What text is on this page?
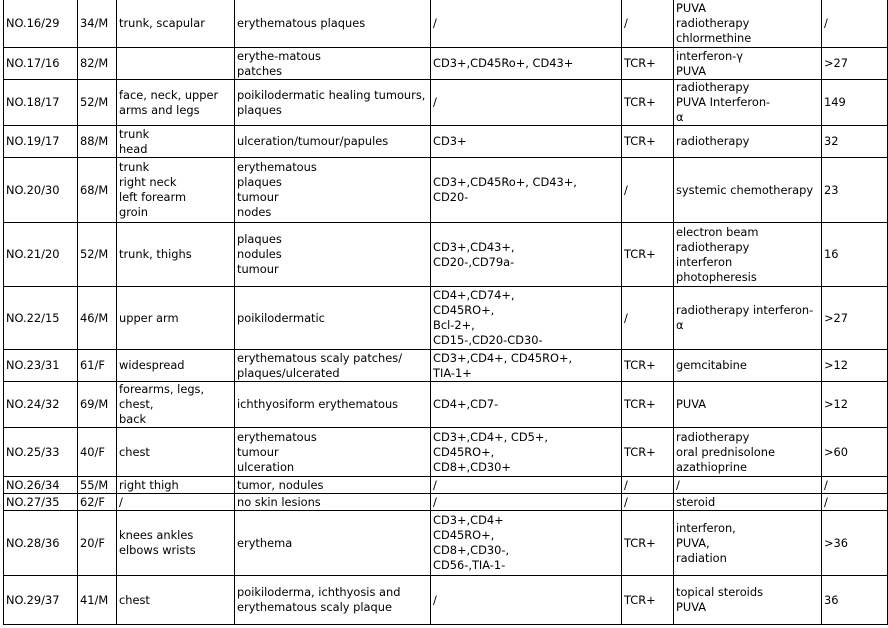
NO.16/29	34/M	trunk, scapular	erythematous plaques	/	/	PUVA
radiotherapy
chlormethine	/
NO.17/16	82/M		erythe-matous
patches	CD3+,CD45Ro+, CD43+	TCR+	interferon-γ
PUVA	>27
NO.18/17	52/M	face, neck, upper
arms and legs	poikilodermatic healing tumours,
plaques	/	TCR+	radiotherapy
PUVA Interferon-
α	149
NO.19/17	88/M	trunk
head	ulceration/tumour/papules	CD3+	TCR+	radiotherapy	32
NO.20/30	68/M	trunk
right neck
left forearm
groin	erythematous
plaques
tumour
nodes	CD3+,CD45Ro+, CD43+,
CD20-	/	systemic chemotherapy	23
NO.21/20	52/M	trunk, thighs	plaques
nodules
tumour	CD3+,CD43+,
CD20-,CD79a-	TCR+	electron beam
radiotherapy
interferon
photopheresis	16
NO.22/15	46/M	upper arm	poikilodermatic	CD4+,CD74+,
CD45RO+,
Bcl-2+,
CD15-,CD20-CD30-	/	radiotherapy interferon-α	>27
NO.23/31	61/F	widespread	erythematous scaly patches/
plaques/ulcerated	CD3+,CD4+, CD45RO+,
TIA-1+	TCR+	gemcitabine	>12
NO.24/32	69/M	forearms, legs, chest,
back	ichthyosiform erythematous	CD4+,CD7-	TCR+	PUVA	>12
NO.25/33	40/F	chest	erythematous
tumour
ulceration	CD3+,CD4+, CD5+,
CD45RO+,
CD8+,CD30+	TCR+	radiotherapy
oral prednisolone
azathioprine	>60
NO.26/34	55/M	right thigh	tumor, nodules	/	/	/	/
NO.27/35	62/F	/	no skin lesions	/	/	steroid	/
NO.28/36	20/F	knees ankles
elbows wrists	erythema	CD3+,CD4+
CD45RO+,
CD8+,CD30-,
CD56-,TIA-1-	TCR+	interferon,
PUVA,
radiation	>36
NO.29/37	41/M	chest	poikiloderma, ichthyosis and
erythematous scaly plaque	/	TCR+	topical steroids
PUVA	36
